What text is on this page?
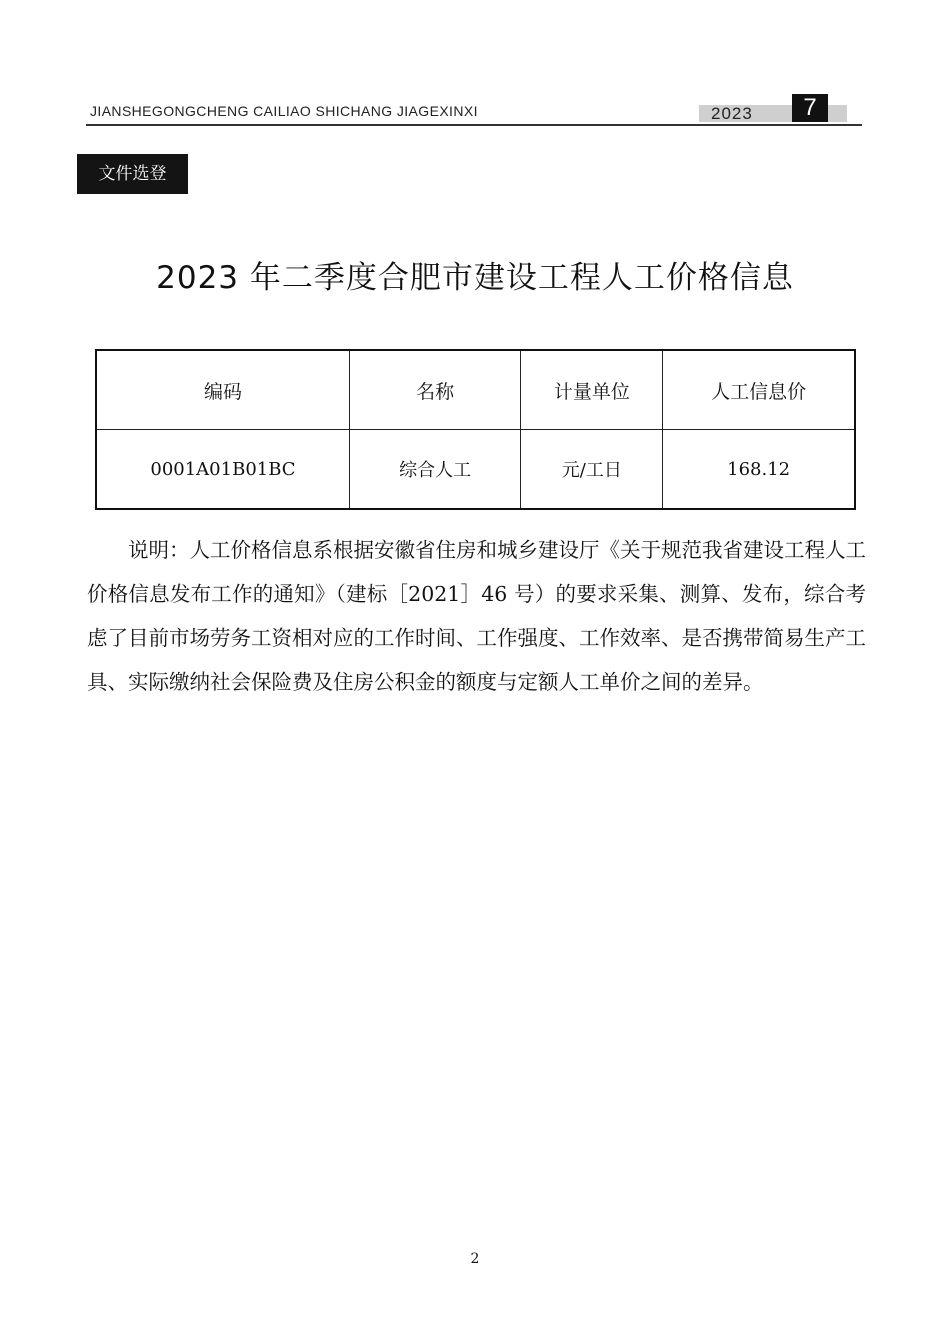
JIANSHEGONGCHENG CAILIAO SHICHANG JIAGEXINXI	2023	7
文件选登
2023 年二季度合肥市建设工程人工价格信息
编码	名称	计量单位	人工信息价
0001A01B01BC	综合人工	元/工日	168.12

说明：人工价格信息系根据安徽省住房和城乡建设厅《关于规范我省建设工程人工价格信息发布工作的通知》（建标［2021］46 号）的要求采集、测算、发布，综合考虑了目前市场劳务工资相对应的工作时间、工作强度、工作效率、是否携带简易生产工具、实际缴纳社会保险费及住房公积金的额度与定额人工单价之间的差异。

2
